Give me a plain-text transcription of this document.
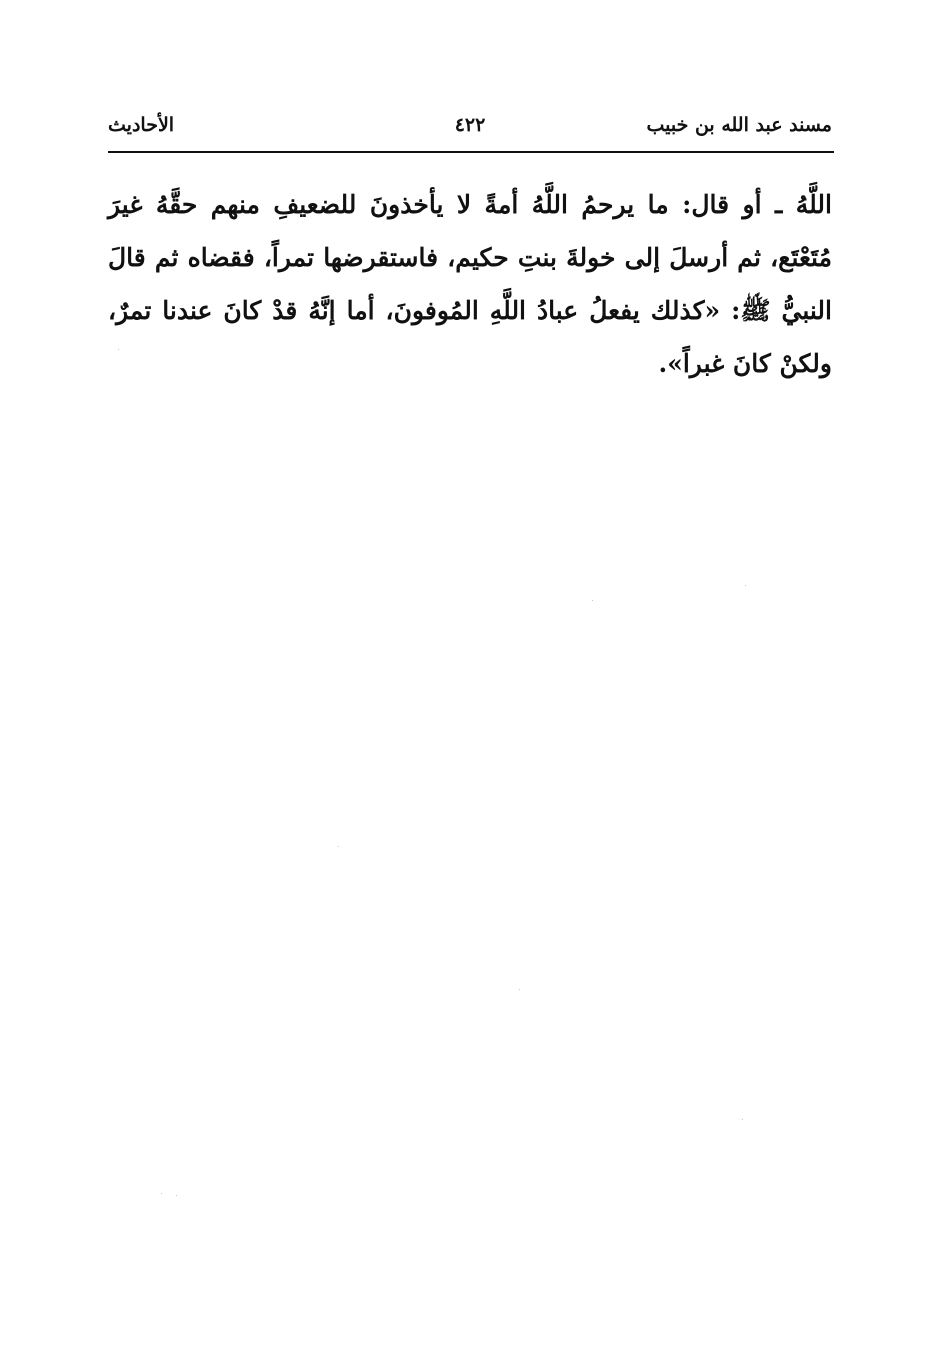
مسند عبد الله بن خبيب
٤٢٢
الأحاديث

اللَّهُ ـ أو قال: ما يرحمُ اللَّهُ أمةً لا يأخذونَ للضعيفِ منهم حقَّهُ غيرَ مُتَعْتَع، ثم أرسلَ إلى خولةَ بنتِ حكيم، فاستقرضها تمراً، فقضاه ثم قالَ النبيُّ ﷺ: «كذلك يفعلُ عبادُ اللَّهِ المُوفونَ، أما إنَّهُ قدْ كانَ عندنا تمرٌ، ولكنْ كانَ غبراً».
